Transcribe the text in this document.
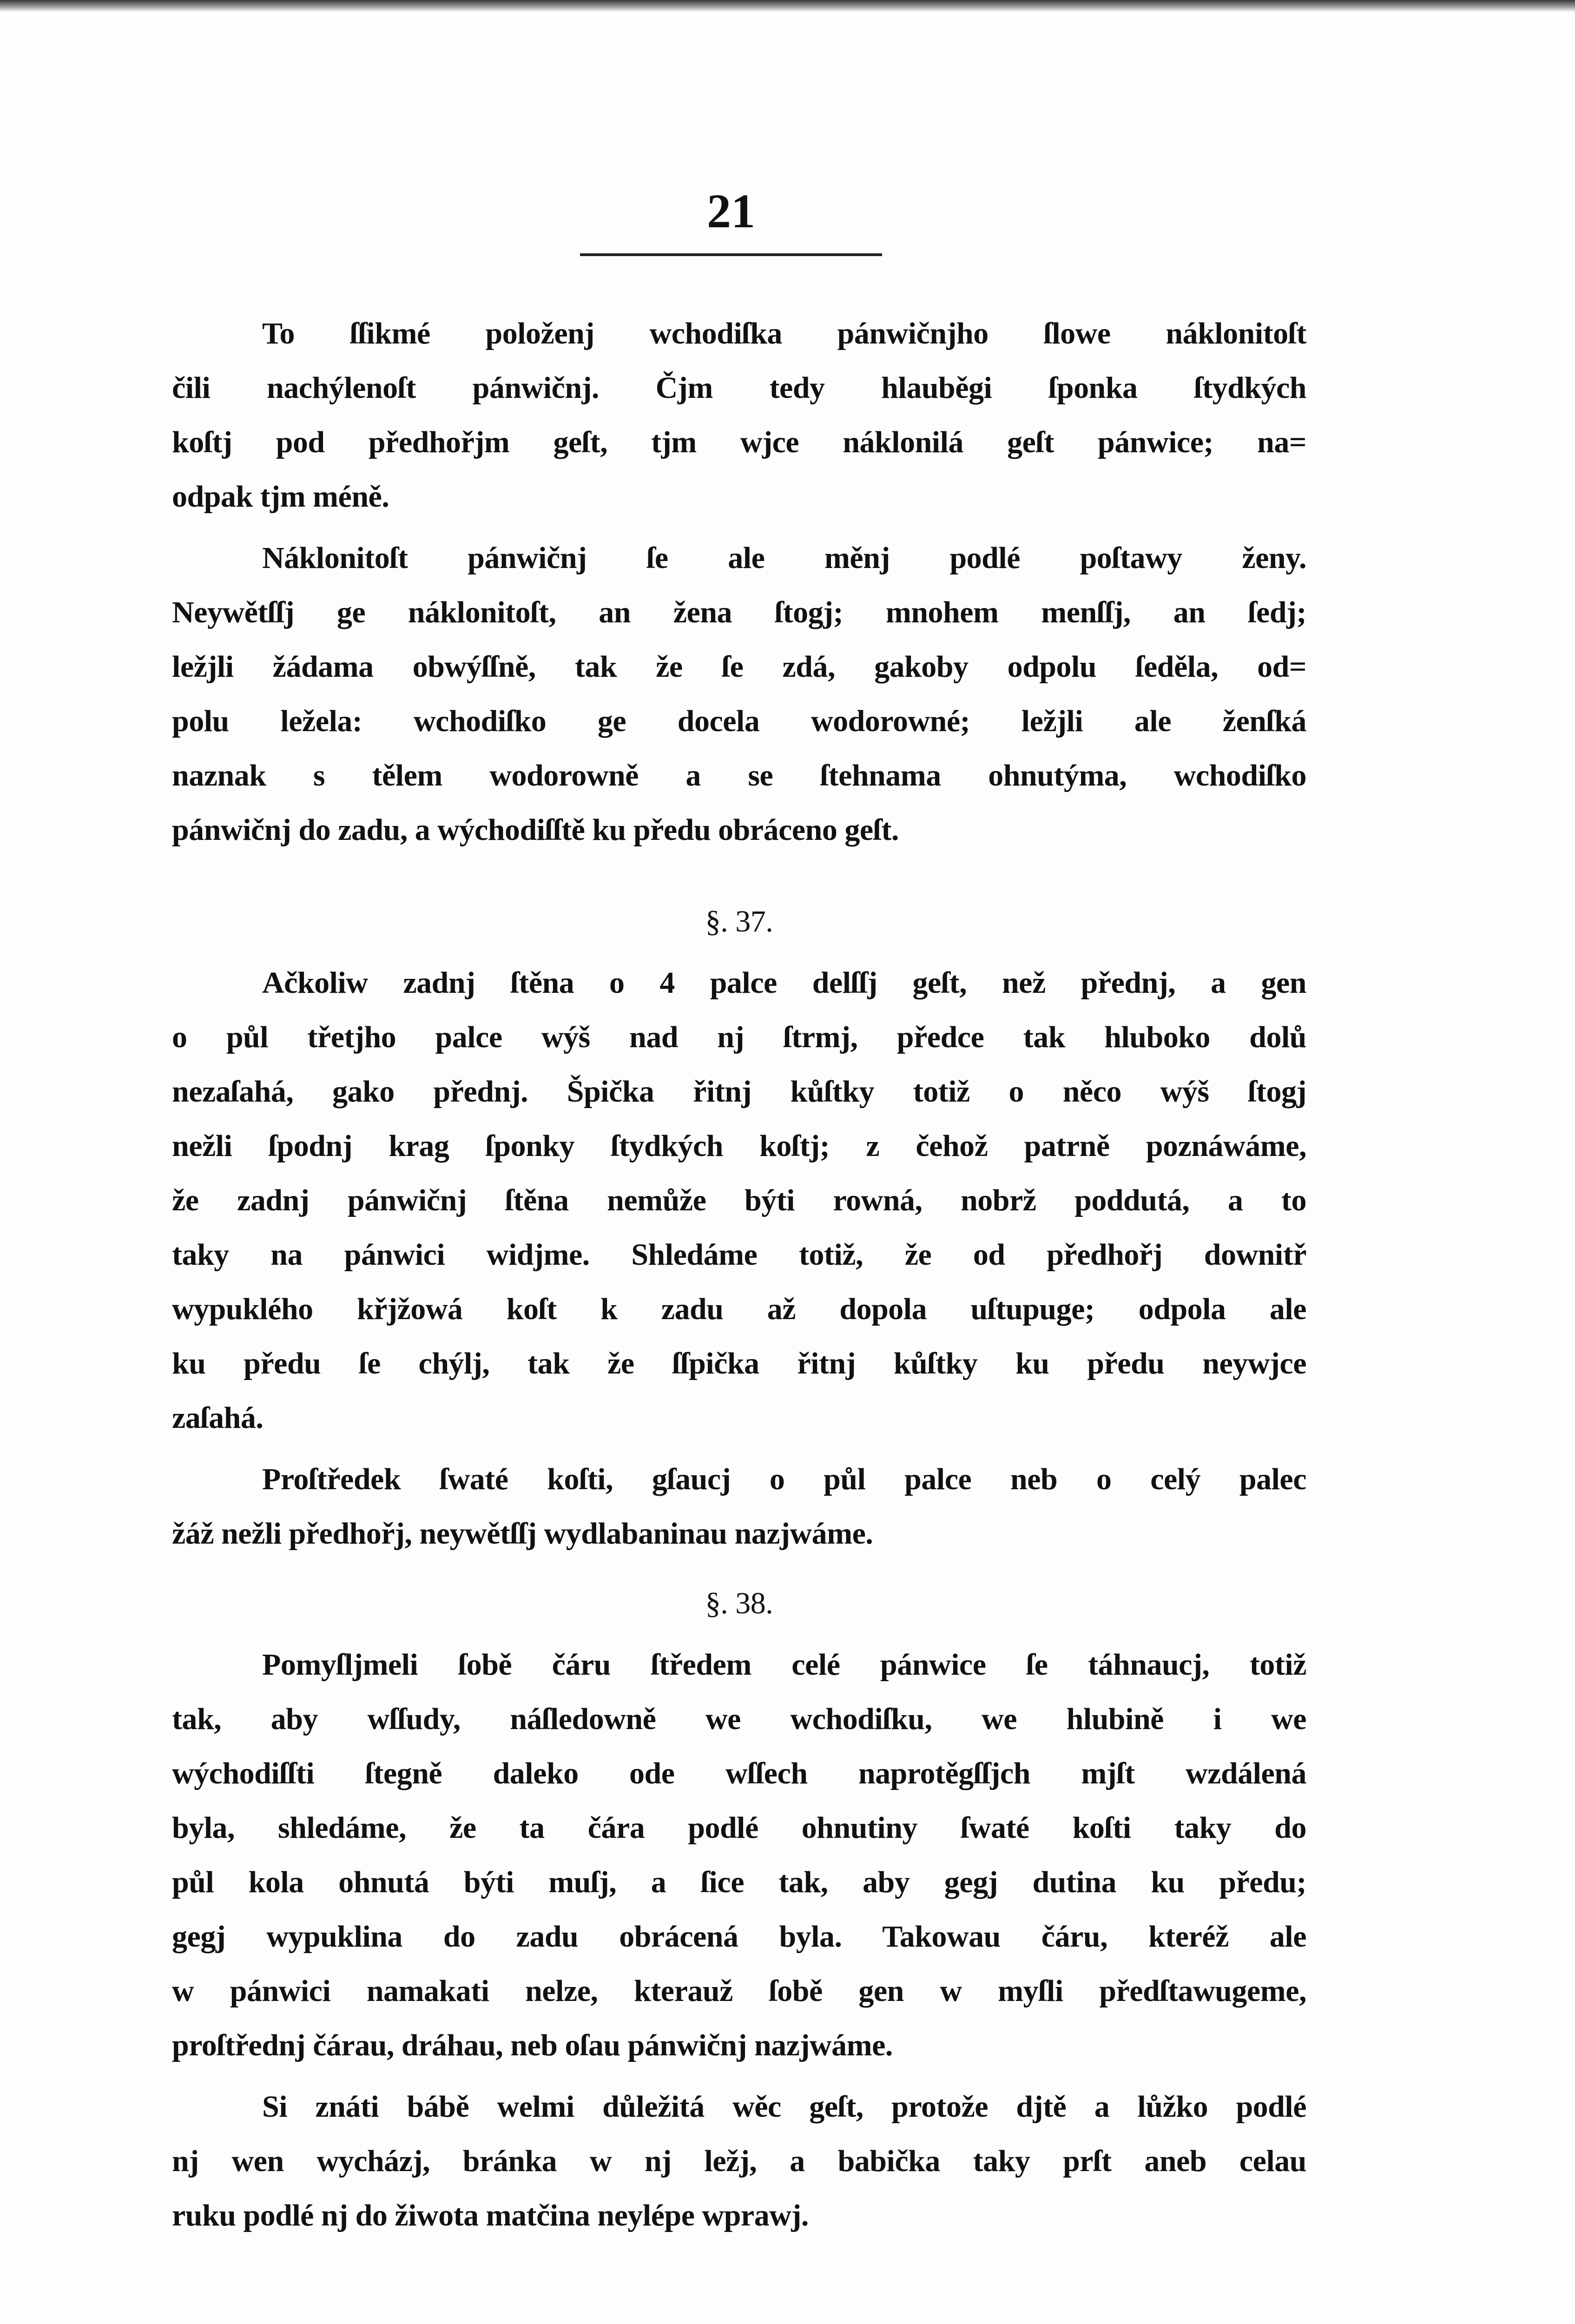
21
To ſſikmé položenj wchodiſka pánwičnjho ſlowe náklonitoſt
čili nachýlenoſt pánwičnj. Čjm tedy hlauběgi ſponka ſtydkých
koſtj pod předhořjm geſt, tjm wjce náklonilá geſt pánwice; na=
odpak tjm méně.
Náklonitoſt pánwičnj ſe ale měnj podlé poſtawy ženy.
Neywětſſj ge náklonitoſt, an žena ſtogj; mnohem menſſj, an ſedj;
ležjli žádama obwýſſně, tak že ſe zdá, gakoby odpolu ſeděla, od=
polu ležela: wchodiſko ge docela wodorowné; ležjli ale ženſká
naznak s tělem wodorowně a se ſtehnama ohnutýma, wchodiſko
pánwičnj do zadu, a wýchodiſſtě ku předu obráceno geſt.
§. 37.
Ačkoliw zadnj ſtěna o 4 palce delſſj geſt, než přednj, a gen
o půl třetjho palce wýš nad nj ſtrmj, předce tak hluboko dolů
nezaſahá, gako přednj. Špička řitnj kůſtky totiž o něco wýš ſtogj
nežli ſpodnj krag ſponky ſtydkých koſtj; z čehož patrně poznáwáme,
že zadnj pánwičnj ſtěna nemůže býti rowná, nobrž poddutá, a to
taky na pánwici widjme. Shledáme totiž, že od předhořj downitř
wypuklého křjžowá koſt k zadu až dopola uſtupuge; odpola ale
ku předu ſe chýlj, tak že ſſpička řitnj kůſtky ku předu neywjce
zaſahá.
Proſtředek ſwaté koſti, gſaucj o půl palce neb o celý palec
žáž nežli předhořj, neywětſſj wydlabaninau nazjwáme.
§. 38.
Pomyſljmeli ſobě čáru ſtředem celé pánwice ſe táhnaucj, totiž
tak, aby wſſudy, náſledowně we wchodiſku, we hlubině i we
wýchodiſſti ſtegně daleko ode wſſech naprotěgſſjch mjſt wzdálená
byla, shledáme, že ta čára podlé ohnutiny ſwaté koſti taky do
půl kola ohnutá býti muſj, a ſice tak, aby gegj dutina ku předu;
gegj wypuklina do zadu obrácená byla. Takowau čáru, kteréž ale
w pánwici namakati nelze, kterauž ſobě gen w myſli předſtawugeme,
proſtřednj čárau, dráhau, neb oſau pánwičnj nazjwáme.
Si znáti bábě welmi důležitá wěc geſt, protože djtě a lůžko podlé
nj wen wycházj, bránka w nj ležj, a babička taky prſt aneb celau
ruku podlé nj do žiwota matčina neylépe wprawj.
